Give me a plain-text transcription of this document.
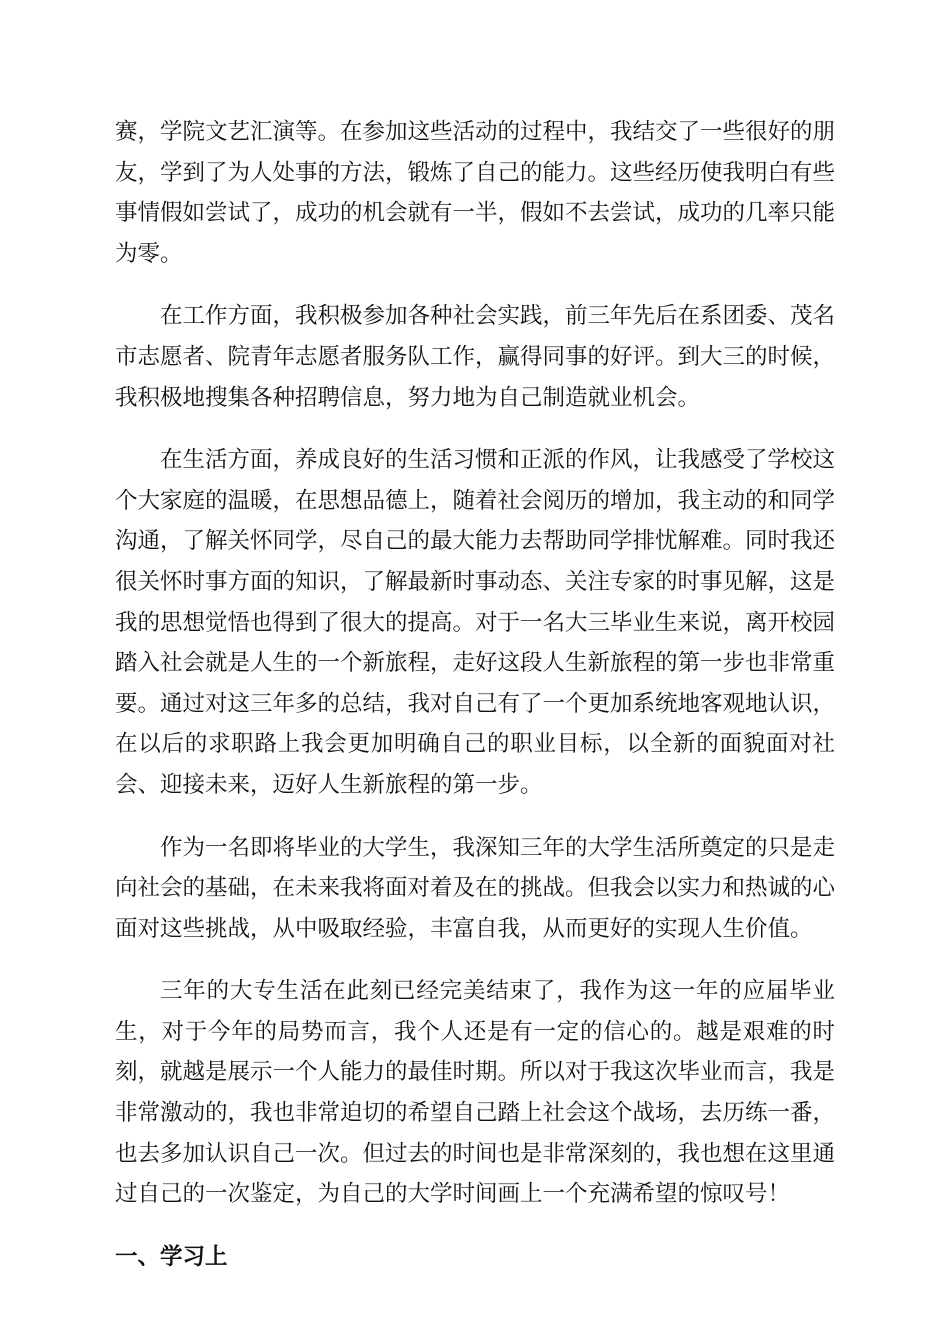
赛，学院文艺汇演等。在参加这些活动的过程中，我结交了一些很好的朋友，学到了为人处事的方法，锻炼了自己的能力。这些经历使我明白有些事情假如尝试了，成功的机会就有一半，假如不去尝试，成功的几率只能为零。

在工作方面，我积极参加各种社会实践，前三年先后在系团委、茂名市志愿者、院青年志愿者服务队工作，赢得同事的好评。到大三的时候，我积极地搜集各种招聘信息，努力地为自己制造就业机会。

在生活方面，养成良好的生活习惯和正派的作风，让我感受了学校这个大家庭的温暖，在思想品德上，随着社会阅历的增加，我主动的和同学沟通，了解关怀同学，尽自己的最大能力去帮助同学排忧解难。同时我还很关怀时事方面的知识，了解最新时事动态、关注专家的时事见解，这是我的思想觉悟也得到了很大的提高。对于一名大三毕业生来说，离开校园踏入社会就是人生的一个新旅程，走好这段人生新旅程的第一步也非常重要。通过对这三年多的总结，我对自己有了一个更加系统地客观地认识，在以后的求职路上我会更加明确自己的职业目标，以全新的面貌面对社会、迎接未来，迈好人生新旅程的第一步。

作为一名即将毕业的大学生，我深知三年的大学生活所奠定的只是走向社会的基础，在未来我将面对着及在的挑战。但我会以实力和热诚的心面对这些挑战，从中吸取经验，丰富自我，从而更好的实现人生价值。

三年的大专生活在此刻已经完美结束了，我作为这一年的应届毕业生，对于今年的局势而言，我个人还是有一定的信心的。越是艰难的时刻，就越是展示一个人能力的最佳时期。所以对于我这次毕业而言，我是非常激动的，我也非常迫切的希望自己踏上社会这个战场，去历练一番，也去多加认识自己一次。但过去的时间也是非常深刻的，我也想在这里通过自己的一次鉴定，为自己的大学时间画上一个充满希望的惊叹号！

一、学习上
